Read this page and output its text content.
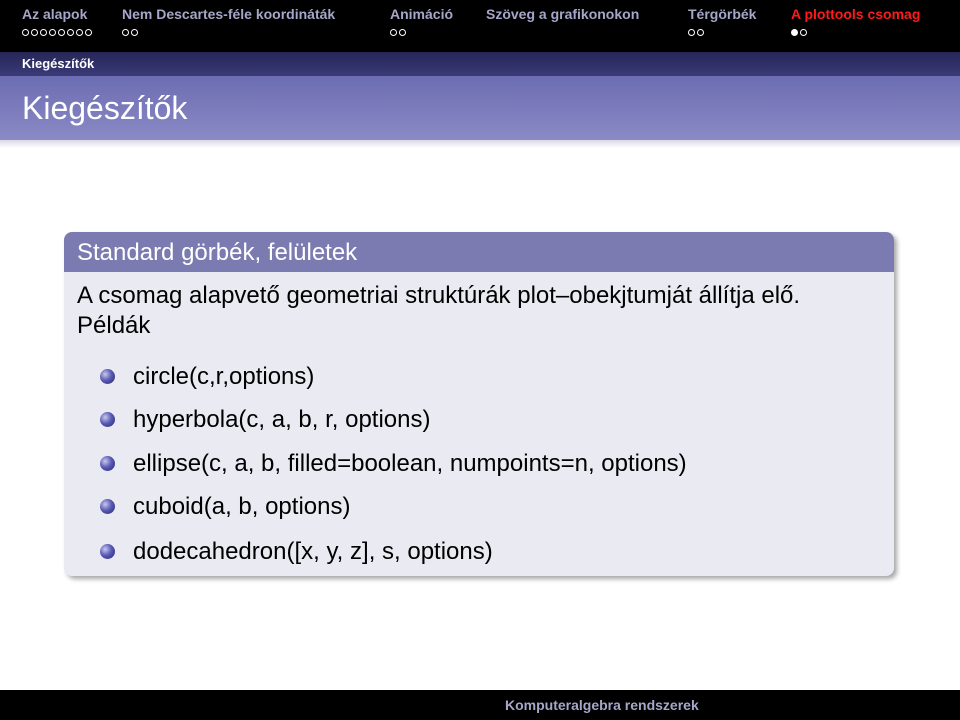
Az alapok Nem Descartes-féle koordináták	Animáció Szöveg a grafikonokon	Térgörbék A plottools csomag
Kiegészítők
Kiegészítők
Standard görbék, felületek
A csomag alapvető geometriai struktúrák plot–obekjtumját állítja elő. Példák
circle(c,r,options)
hyperbola(c, a, b, r, options)
ellipse(c, a, b, filled=boolean, numpoints=n, options)
cuboid(a, b, options)
dodecahedron([x, y, z], s, options)
Komputeralgebra rendszerek
